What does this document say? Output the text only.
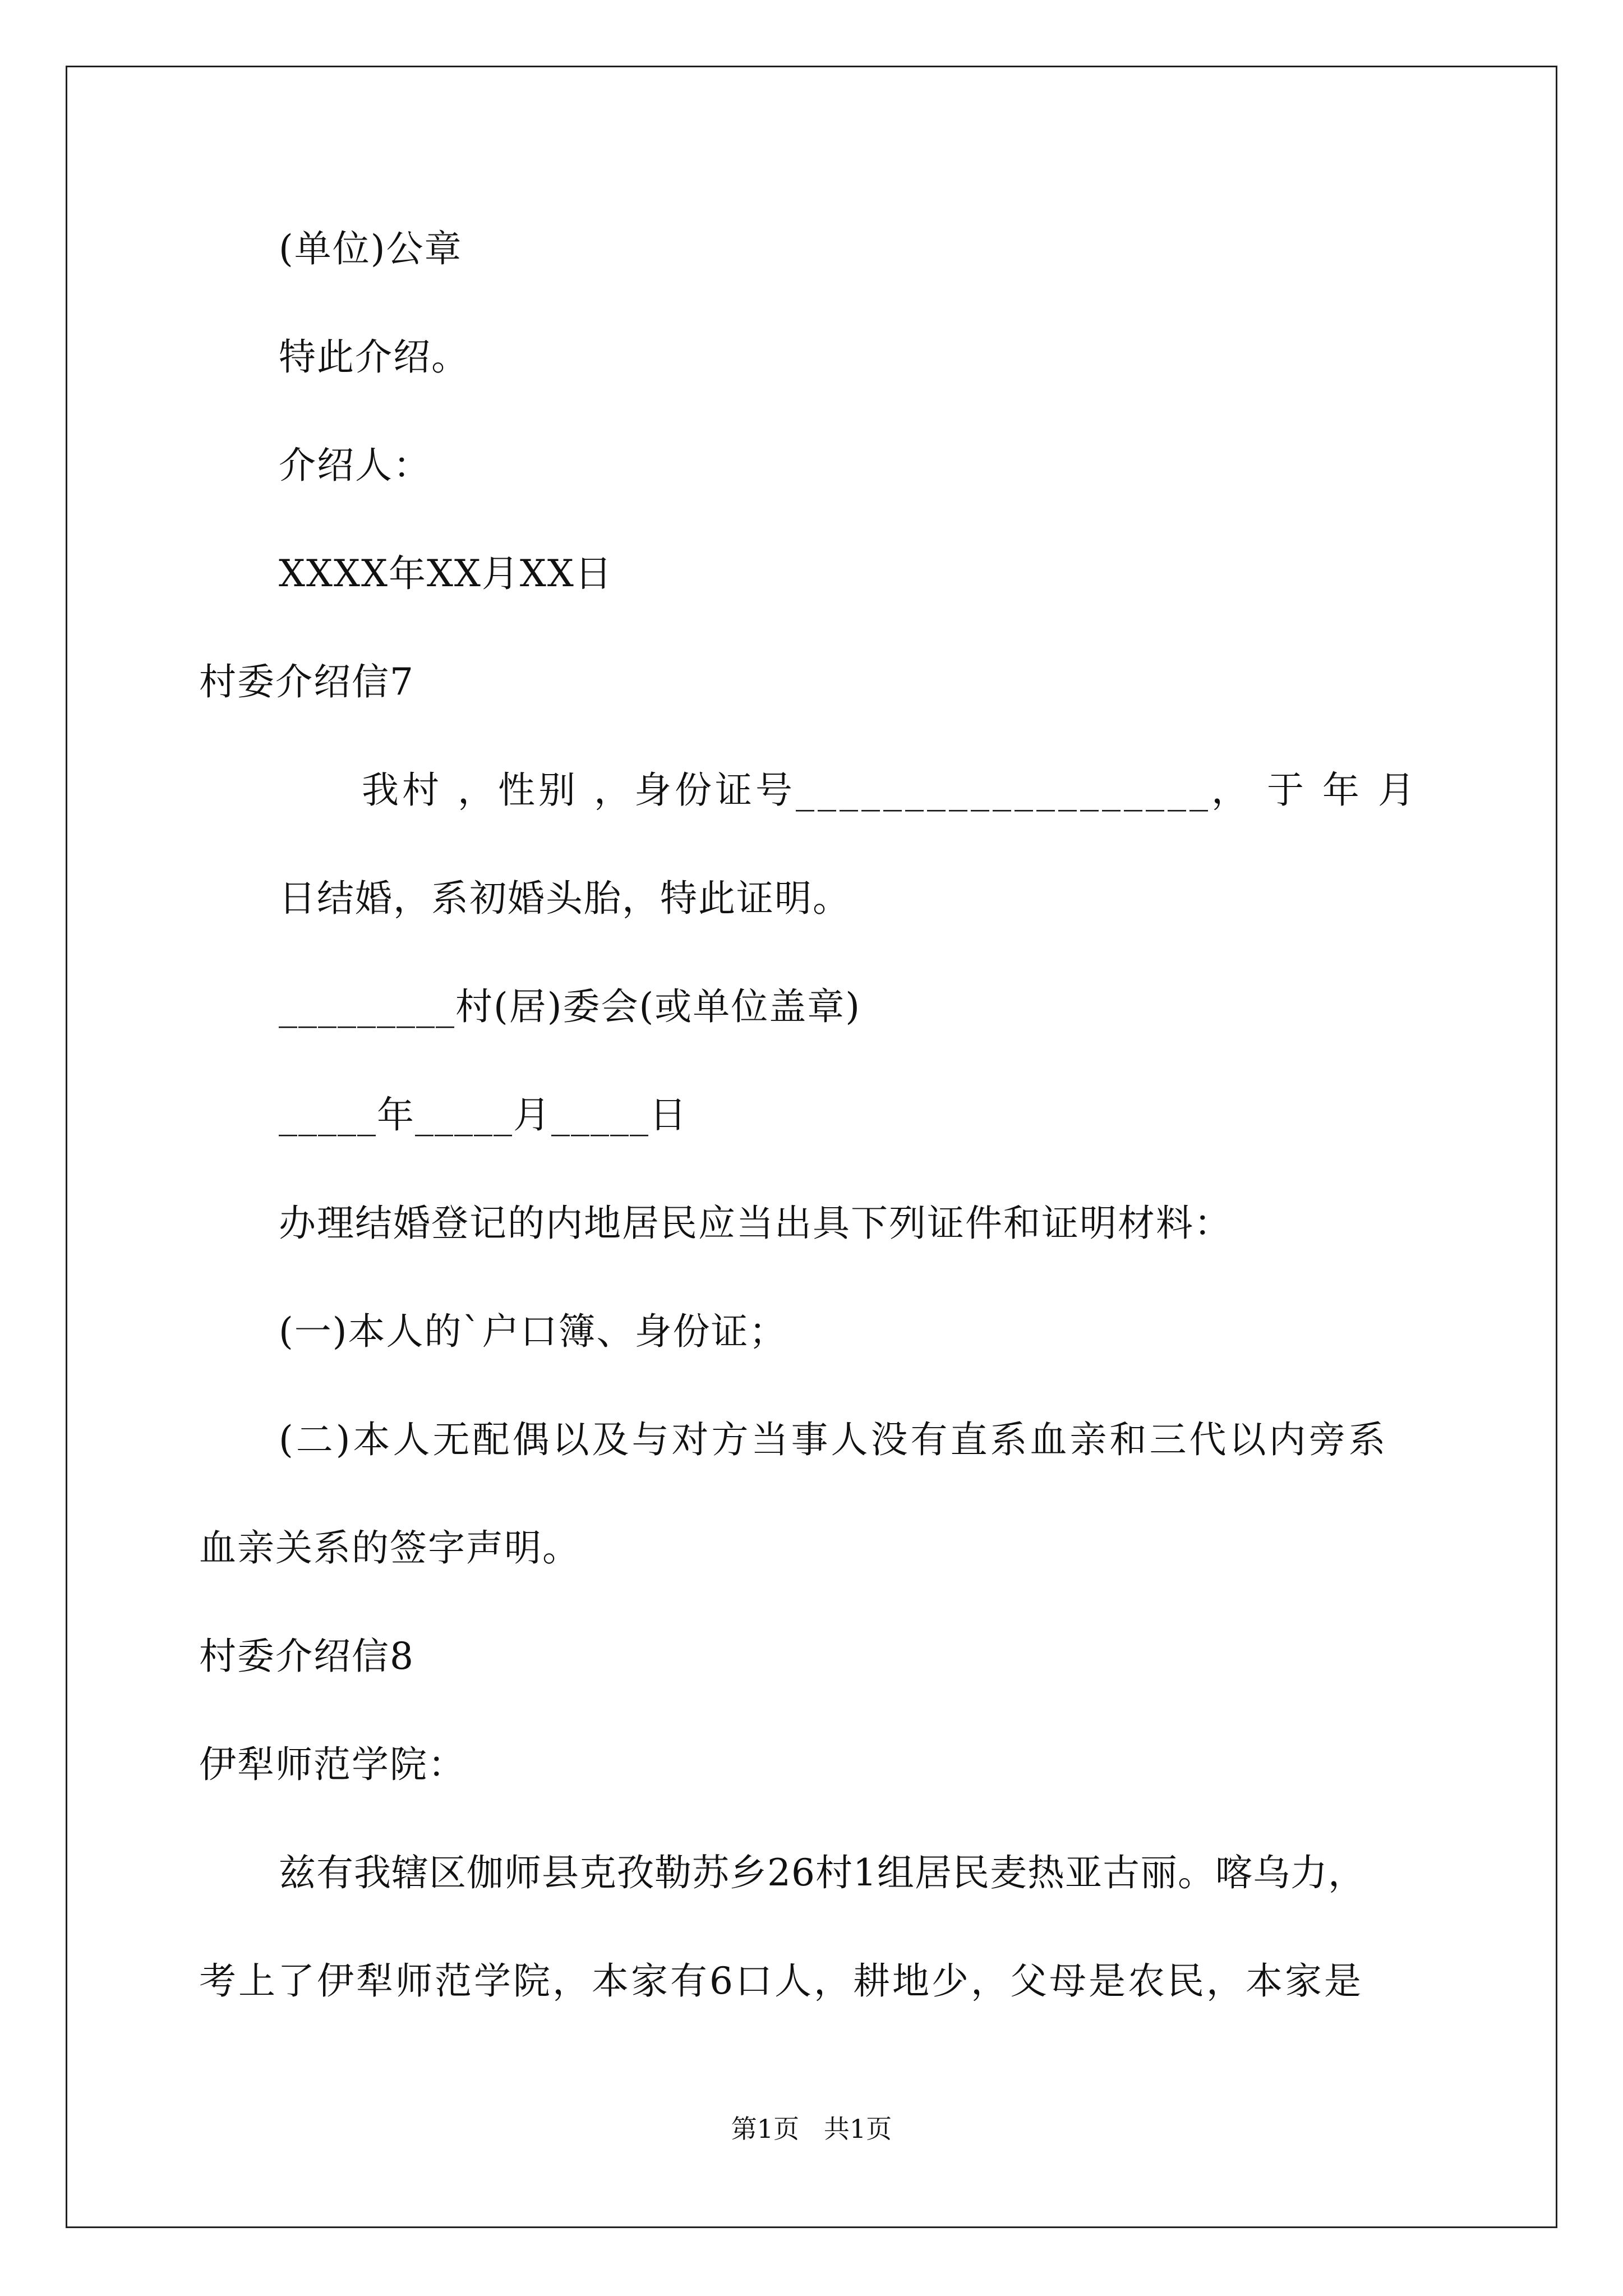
(单位)公章
特此介绍。
介绍人：
XXXX年XX月XX日
村委介绍信7
我村 ，性别 ，身份证号___________________， 于 年 月
日结婚，系初婚头胎，特此证明。
_________村(居)委会(或单位盖章)
_____年_____月_____日
办理结婚登记的内地居民应当出具下列证件和证明材料：
(一)本人的`户口簿、身份证；
(二)本人无配偶以及与对方当事人没有直系血亲和三代以内旁系
血亲关系的签字声明。
村委介绍信8
伊犁师范学院：
兹有我辖区伽师县克孜勒苏乡26村1组居民麦热亚古丽。喀乌力，
考上了伊犁师范学院，本家有6口人，耕地少，父母是农民，本家是
第1页   共1页
